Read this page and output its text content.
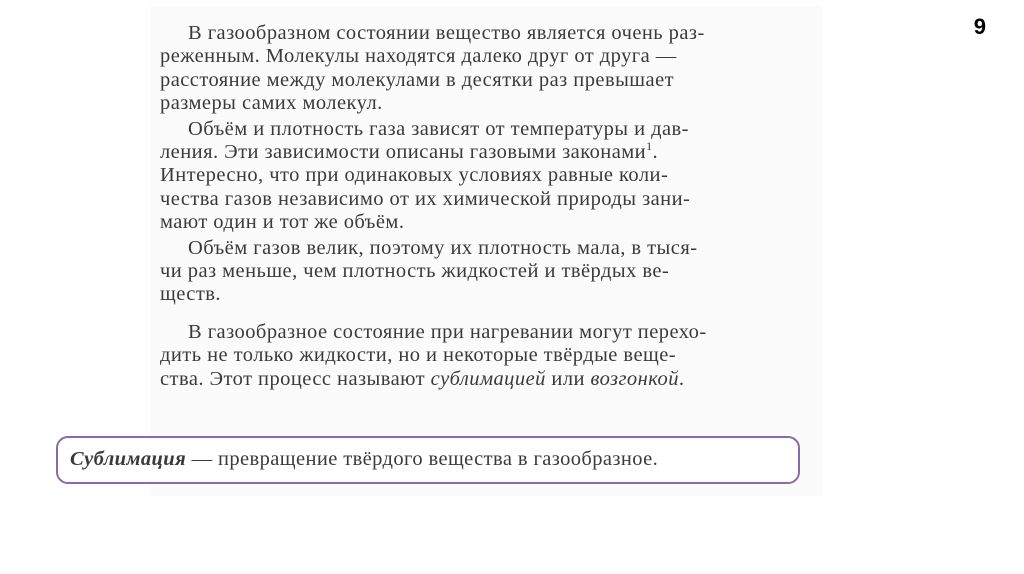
9

В газообразном состоянии вещество является очень раз-
реженным. Молекулы находятся далеко друг от друга —
расстояние между молекулами в десятки раз превышает
размеры самих молекул.

Объём и плотность газа зависят от температуры и дав-
ления. Эти зависимости описаны газовыми законами$^1$.
Интересно, что при одинаковых условиях равные коли-
чества газов независимо от их химической природы зани-
мают один и тот же объём.

Объём газов велик, поэтому их плотность мала, в тыся-
чи раз меньше, чем плотность жидкостей и твёрдых ве-
ществ.

В газообразное состояние при нагревании могут перехо-
дить не только жидкости, но и некоторые твёрдые веще-
ства. Этот процесс называют сублимацией или возгонкой.

Сублимация — превращение твёрдого вещества в газообразное.
